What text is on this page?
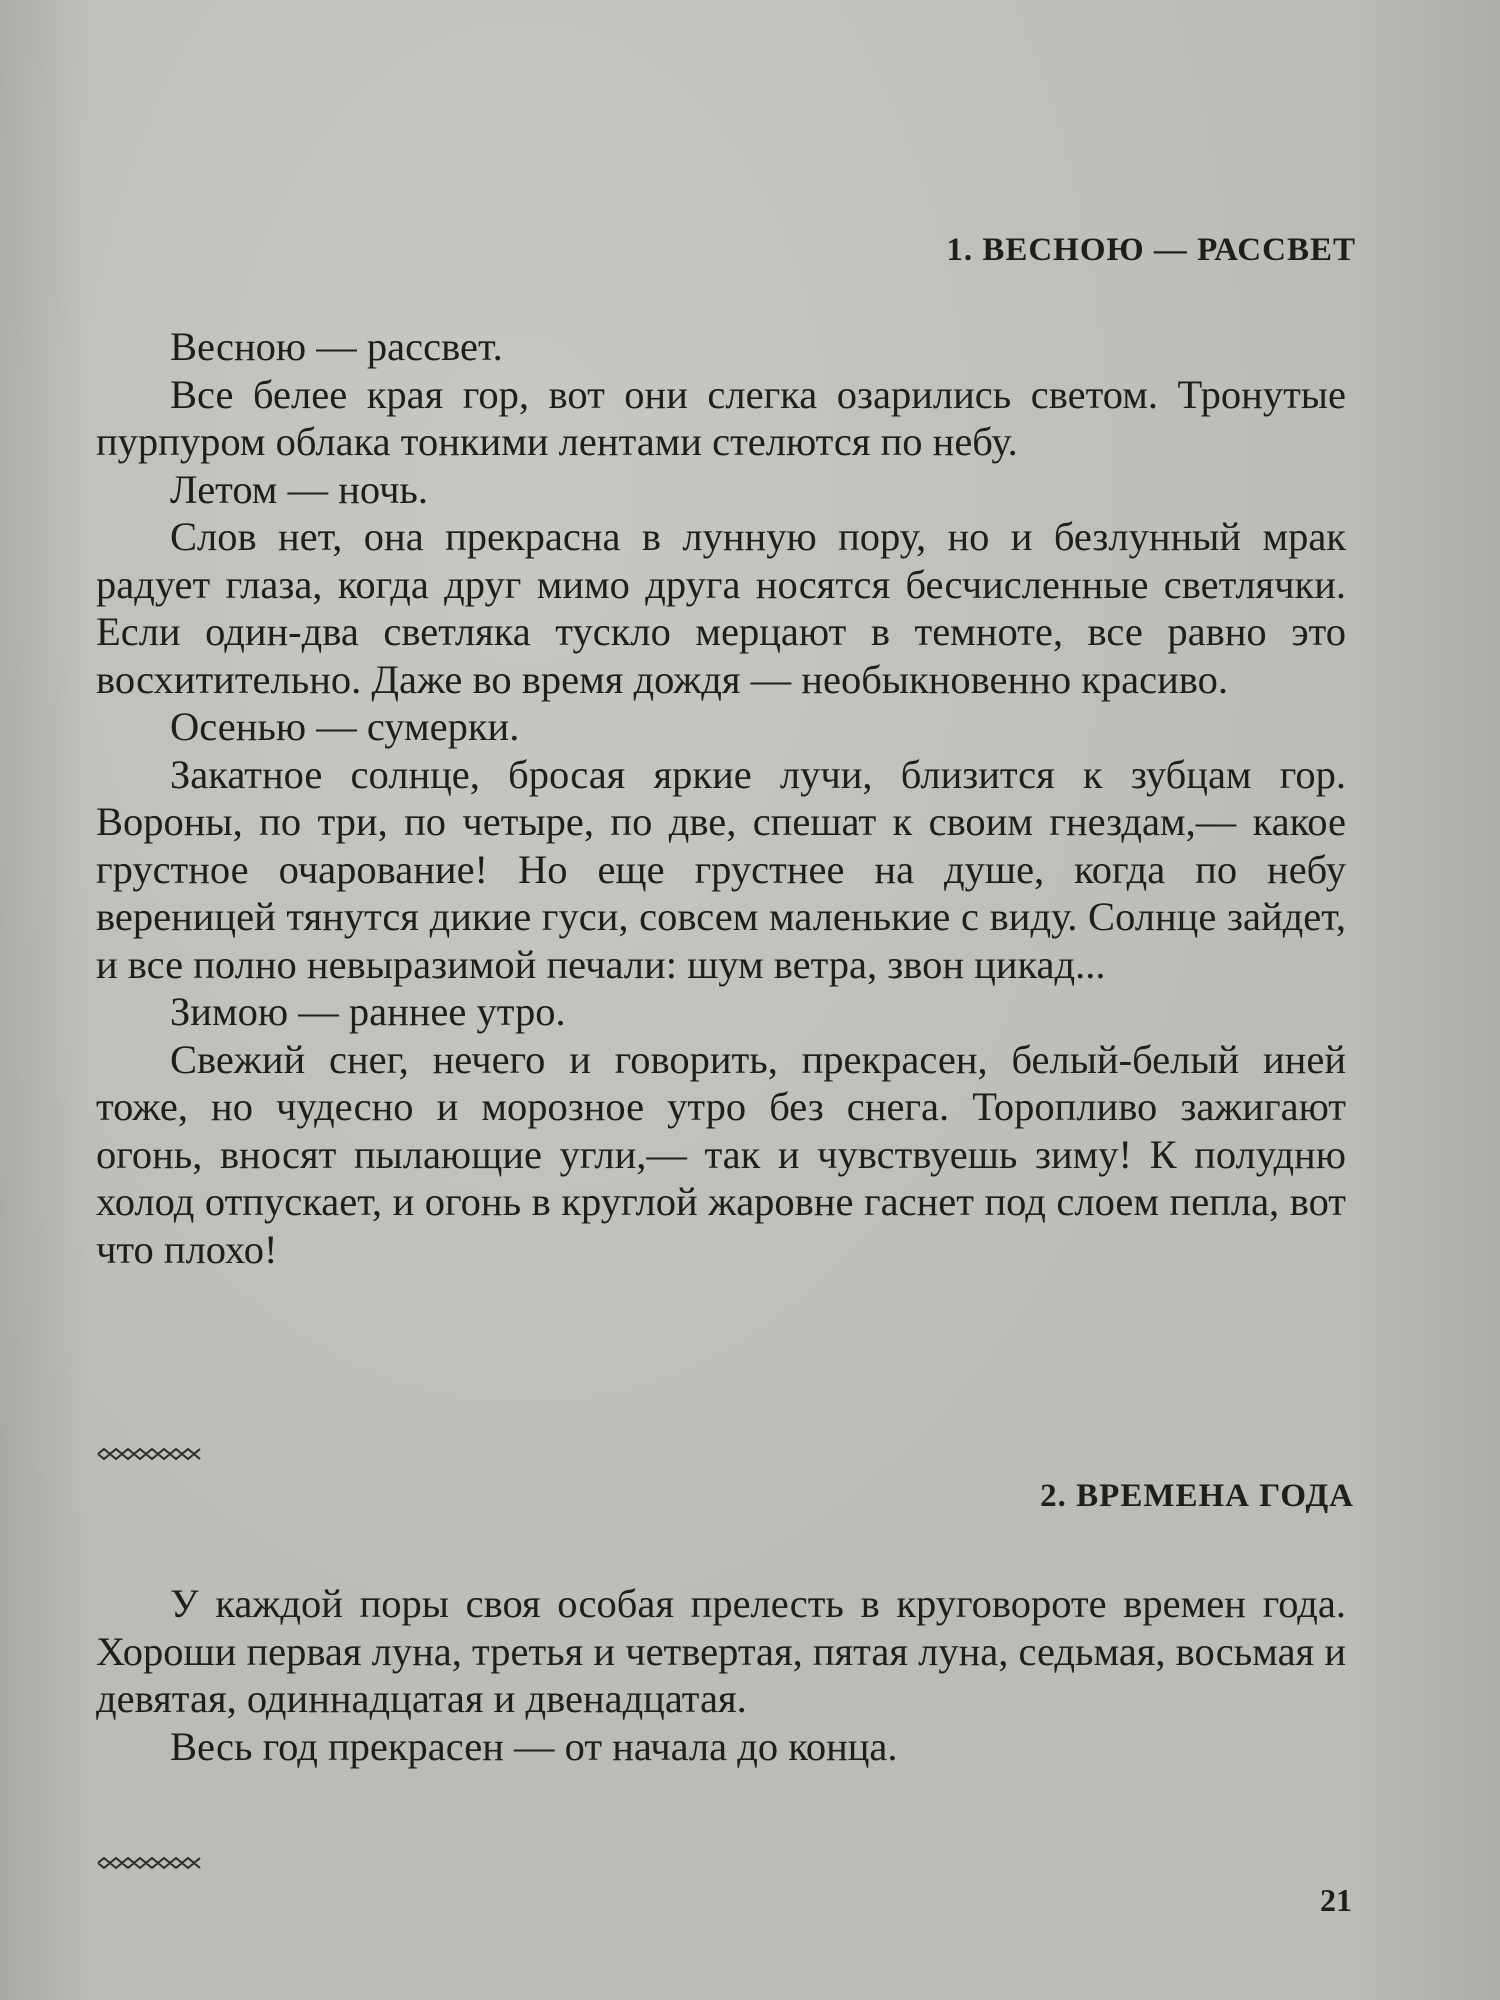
1. ВЕСНОЮ — РАССВЕТ

Весною — рассвет.

Все белее края гор, вот они слегка озарились светом. Тронутые пурпуром облака тонкими лентами стелются по небу.

Летом — ночь.

Слов нет, она прекрасна в лунную пору, но и безлунный мрак радует глаза, когда друг мимо друга носятся бесчисленные светлячки. Если один-два светляка тускло мерцают в темноте, все равно это восхитительно. Даже во время дождя — необыкновенно красиво.

Осенью — сумерки.

Закатное солнце, бросая яркие лучи, близится к зубцам гор. Вороны, по три, по четыре, по две, спешат к своим гнездам,— какое грустное очарование! Но еще грустнее на душе, когда по небу вереницей тянутся дикие гуси, совсем маленькие с виду. Солнце зайдет, и все полно невыразимой печали: шум ветра, звон цикад...

Зимою — раннее утро.

Свежий снег, нечего и говорить, прекрасен, белый-белый иней тоже, но чудесно и морозное утро без снега. Торопливо зажигают огонь, вносят пылающие угли,— так и чувствуешь зиму! К полудню холод отпускает, и огонь в круглой жаровне гаснет под слоем пепла, вот что плохо!

2. ВРЕМЕНА ГОДА

У каждой поры своя особая прелесть в круговороте времен года. Хороши первая луна, третья и четвертая, пятая луна, седьмая, восьмая и девятая, одиннадцатая и двенадцатая.

Весь год прекрасен — от начала до конца.

21
